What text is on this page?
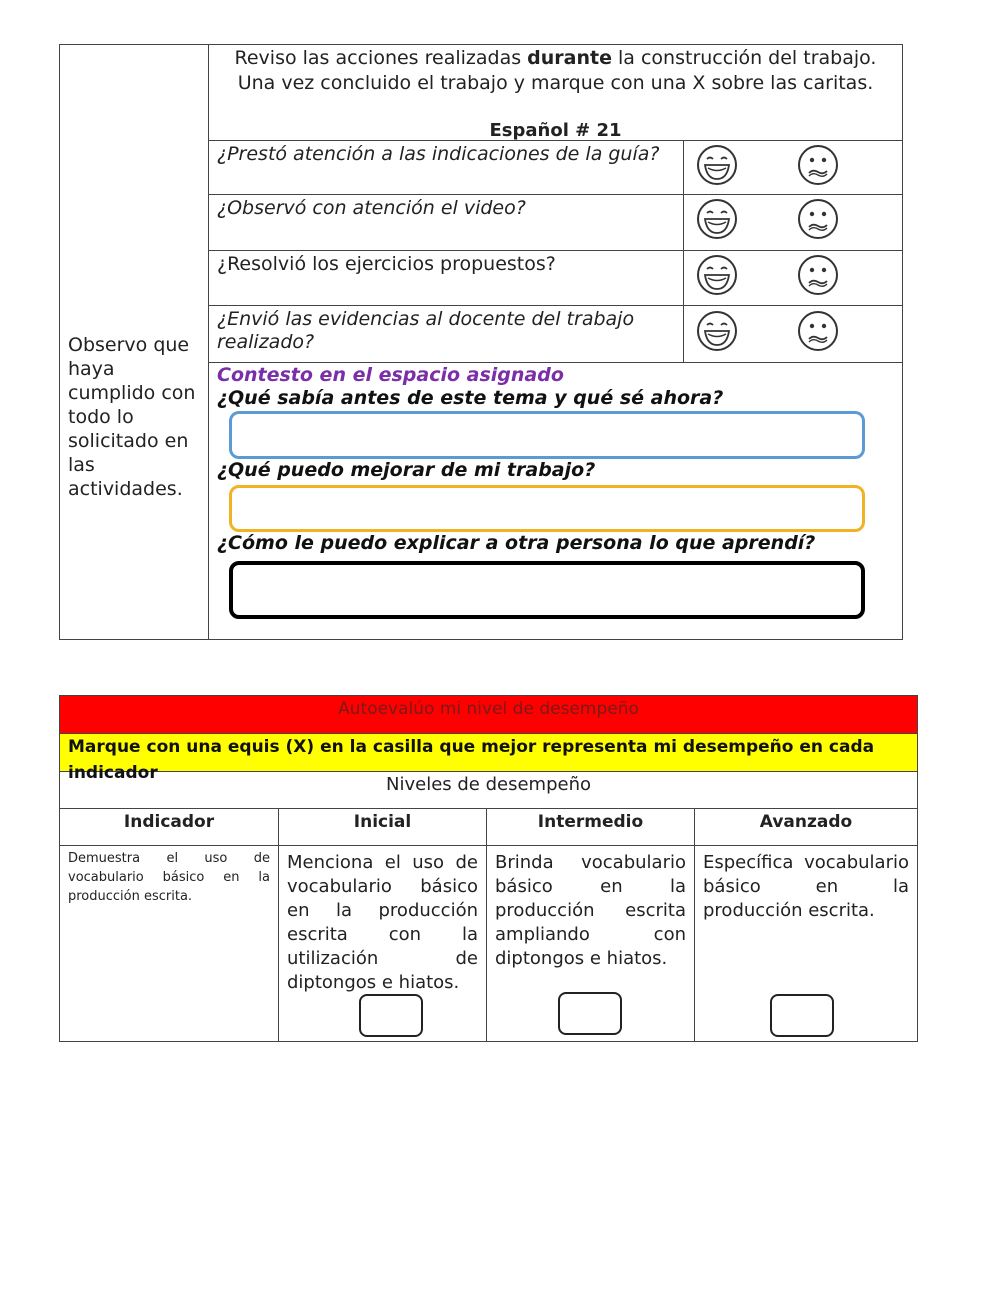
Observo que haya cumplido con todo lo solicitado en las actividades.
Reviso las acciones realizadas durante la construcción del trabajo. Una vez concluido el trabajo y marque con una X sobre las caritas.
Español # 21
¿Prestó atención a las indicaciones de la guía?
¿Observó con atención el video?
¿Resolvió los ejercicios propuestos?
¿Envió las evidencias al docente del trabajo realizado?
Contesto en el espacio asignado
¿Qué sabía antes de este tema y qué sé ahora?
¿Qué puedo mejorar de mi trabajo?
¿Cómo le puedo explicar a otra persona lo que aprendí?
Autoevalúo mi nivel de desempeño
Marque con una equis (X) en la casilla que mejor representa mi desempeño en cada indicador
Niveles de desempeño
Indicador
Demuestra el uso de vocabulario básico en la producción escrita.
Inicial
Menciona el uso de vocabulario básico en la producción escrita con la utilización de diptongos e hiatos.
Intermedio
Brinda vocabulario básico en la producción escrita ampliando con diptongos e hiatos.
Avanzado
Específica vocabulario básico en la producción escrita.
